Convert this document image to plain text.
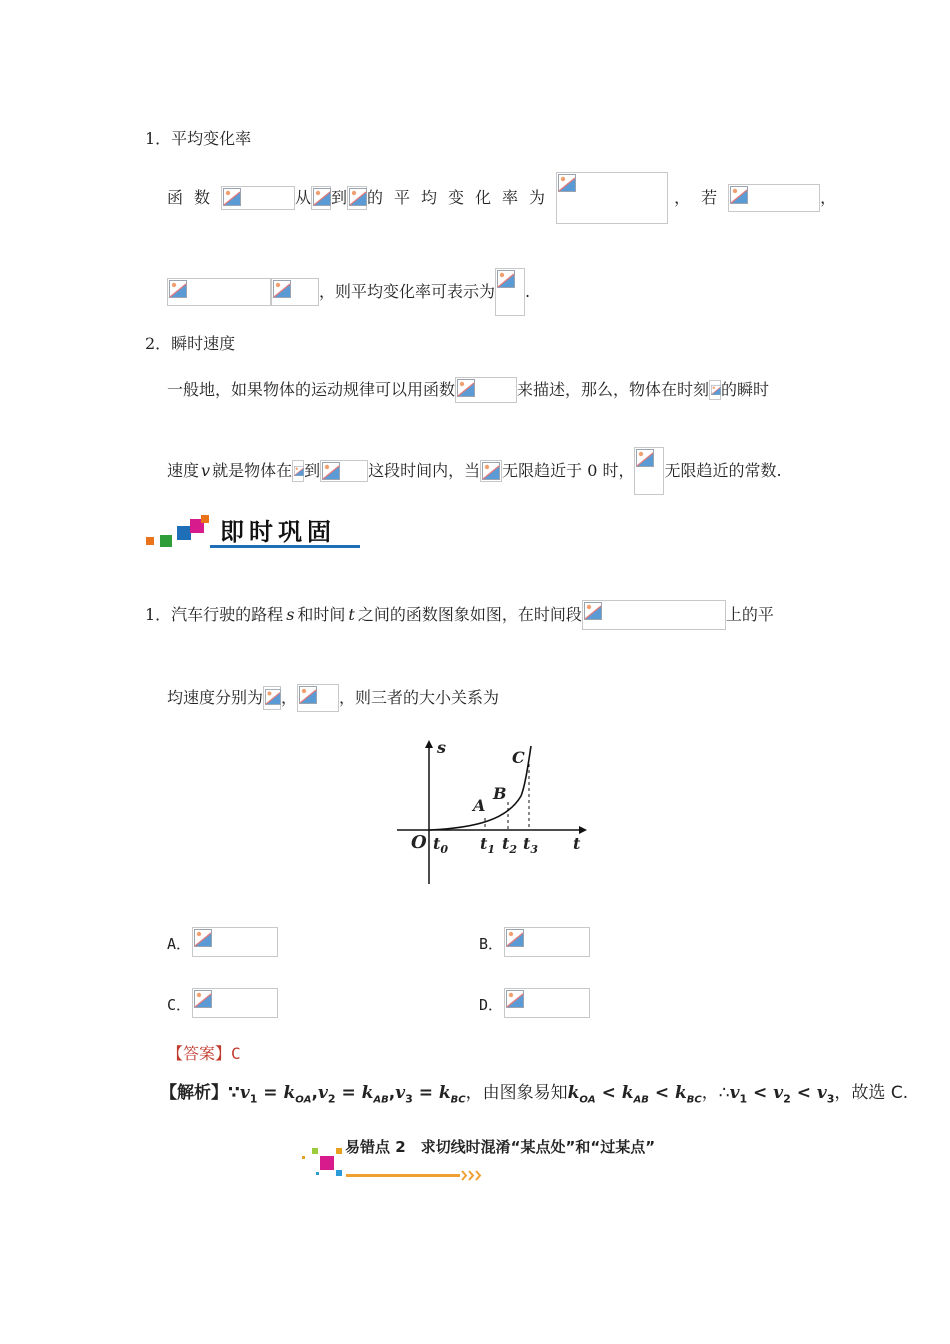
1．平均变化率
函数	从 到 的平均变化率为	，若	，
，则平均变化率可表示为 .
2．瞬时速度
一般地，如果物体的运动规律可以用函数	来描述，那么，物体在时刻 的瞬时
速度 v 就是物体在 到	这段时间内，当 无限趋近于 0 时， 无限趋近的常数.
即时巩固
1．汽车行驶的路程 s 和时间 t 之间的函数图象如图，在时间段	上的平
均速度分别为 ，	，则三者的大小关系为
s
t
O
A
B
C
$t_0$ $t_1$ $t_2$ $t_3$
A．	B．
C．	D．
【答案】C
【解析】$\because v_1 = k_{OA},v_2 = k_{AB},v_3 = k_{BC}$，由图象易知$k_{OA} < k_{AB} < k_{BC}$，$\therefore v_1 < v_2 < v_3$，故选 C.
易错点 2　求切线时混淆“某点处”和“过某点”
